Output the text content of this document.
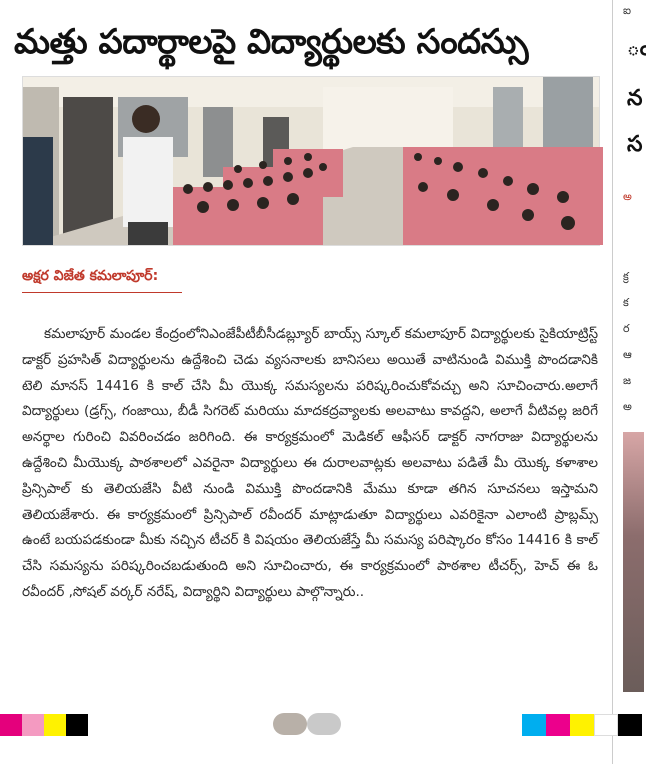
మత్తు పదార్థాలపై విద్యార్థులకు సందస్సు
అక్షర విజేత కమలాపూర్:

కమలాపూర్ మండల కేంద్రంలోనిఎంజేపీటీబీసీడబ్ల్యూర్ బాయ్స్ స్కూల్ కమలాపూర్ విద్యార్థులకు సైకియాట్రిస్ట్ డాక్టర్ ప్రహసిత్ విద్యార్థులను ఉద్దేశించి చెడు వ్యసనాలకు బానిసలు అయితే వాటినుండి విముక్తి పొందడానికి టెలి మానస్ 14416 కి కాల్ చేసి మీ యొక్క సమస్యలను పరిష్కరించుకోవచ్చు అని సూచించారు.అలాగే విద్యార్థులు (డ్రగ్స్, గంజాయి, బీడీ సిగరెట్ మరియు మాదకద్రవ్యాలకు అలవాటు కావద్దని, అలాగే వీటివల్ల జరిగే అనర్థాల గురించి వివరించడం జరిగింది. ఈ కార్యక్రమంలో మెడికల్ ఆఫీసర్ డాక్టర్ నాగరాజు విద్యార్థులను ఉద్దేశించి మీయొక్క పాఠశాలలో ఎవరైనా విద్యార్థులు ఈ దురాలవాట్లకు అలవాటు పడితే మీ యొక్క కళాశాల ప్రిన్సిపాల్ కు తెలియజేసి వీటి నుండి విముక్తి పొందడానికి మేము కూడా తగిన సూచనలు ఇస్తామని తెలియజేశారు. ఈ కార్యక్రమంలో ప్రిన్సిపాల్ రవీందర్ మాట్లాడుతూ విద్యార్థులు ఎవరికైనా ఎలాంటి ప్రాబ్లమ్స్ ఉంటే బయపడకుండా మీకు నచ్చిన టీచర్ కి విషయం తెలియజేస్తే మీ సమస్య పరిష్కారం కోసం 14416 కి కాల్ చేసి సమస్యను పరిష్కరించబడుతుంది అని సూచించారు, ఈ కార్యక్రమంలో పాఠశాల టీచర్స్, హెచ్ ఈ ఓ రవీందర్ ,సోషల్ వర్కర్ నరేష్, విద్యార్థిని విద్యార్థులు పాల్గొన్నారు..

ఐ
ఁ
న
స
అ
క్ర
క
ర
ఆ
జ
అ
